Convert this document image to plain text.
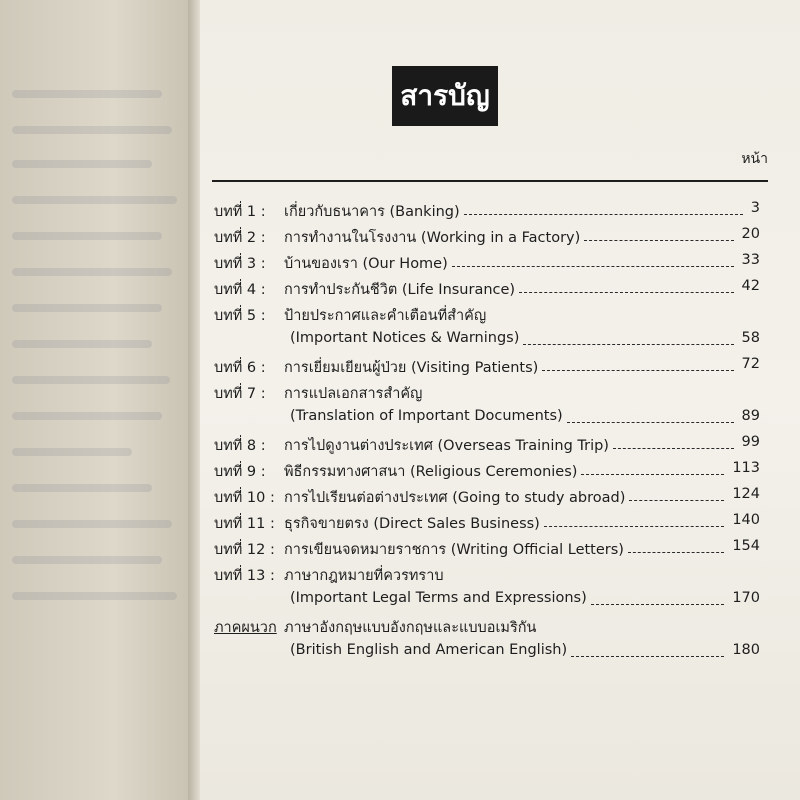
สารบัญ
หน้า
บทที่ 1 : เกี่ยวกับธนาคาร (Banking)	3
บทที่ 2 : การทำงานในโรงงาน (Working in a Factory)	20
บทที่ 3 : บ้านของเรา (Our Home)	33
บทที่ 4 : การทำประกันชีวิต (Life Insurance)	42
บทที่ 5 : ป้ายประกาศและคำเตือนที่สำคัญ
(Important Notices & Warnings)	58
บทที่ 6 : การเยี่ยมเยียนผู้ป่วย (Visiting Patients)	72
บทที่ 7 : การแปลเอกสารสำคัญ
(Translation of Important Documents)	89
บทที่ 8 : การไปดูงานต่างประเทศ (Overseas Training Trip)	99
บทที่ 9 : พิธีกรรมทางศาสนา (Religious Ceremonies)	113
บทที่ 10 : การไปเรียนต่อต่างประเทศ (Going to study abroad)	124
บทที่ 11 : ธุรกิจขายตรง (Direct Sales Business)	140
บทที่ 12 : การเขียนจดหมายราชการ (Writing Official Letters)	154
บทที่ 13 : ภาษากฎหมายที่ควรทราบ
(Important Legal Terms and Expressions)	170
ภาคผนวก ภาษาอังกฤษแบบอังกฤษและแบบอเมริกัน
(British English and American English)	180
